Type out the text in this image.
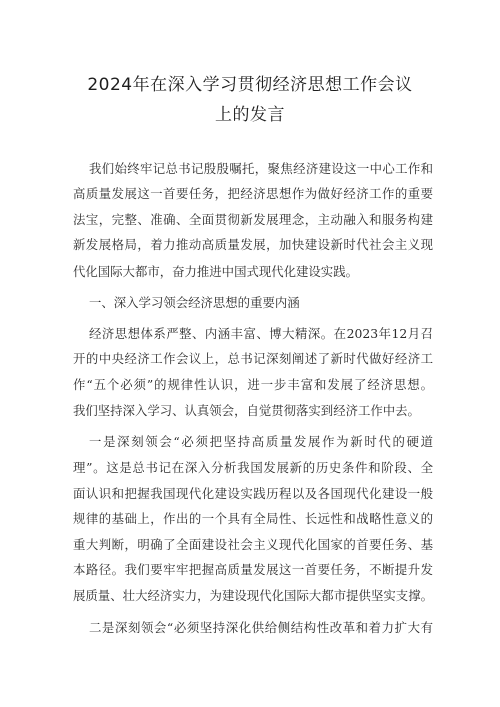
2024年在深入学习贯彻经济思想工作会议
上的发言
我们始终牢记总书记殷殷嘱托，聚焦经济建设这一中心工作和
高质量发展这一首要任务，把经济思想作为做好经济工作的重要
法宝，完整、准确、全面贯彻新发展理念，主动融入和服务构建
新发展格局，着力推动高质量发展，加快建设新时代社会主义现
代化国际大都市，奋力推进中国式现代化建设实践。
一、深入学习领会经济思想的重要内涵
经济思想体系严整、内涵丰富、博大精深。在2023年12月召
开的中央经济工作会议上，总书记深刻阐述了新时代做好经济工
作“五个必须”的规律性认识，进一步丰富和发展了经济思想。
我们坚持深入学习、认真领会，自觉贯彻落实到经济工作中去。
一是深刻领会“必须把坚持高质量发展作为新时代的硬道
理”。这是总书记在深入分析我国发展新的历史条件和阶段、全
面认识和把握我国现代化建设实践历程以及各国现代化建设一般
规律的基础上，作出的一个具有全局性、长远性和战略性意义的
重大判断，明确了全面建设社会主义现代化国家的首要任务、基
本路径。我们要牢牢把握高质量发展这一首要任务，不断提升发
展质量、壮大经济实力，为建设现代化国际大都市提供坚实支撑。
二是深刻领会“必须坚持深化供给侧结构性改革和着力扩大有
